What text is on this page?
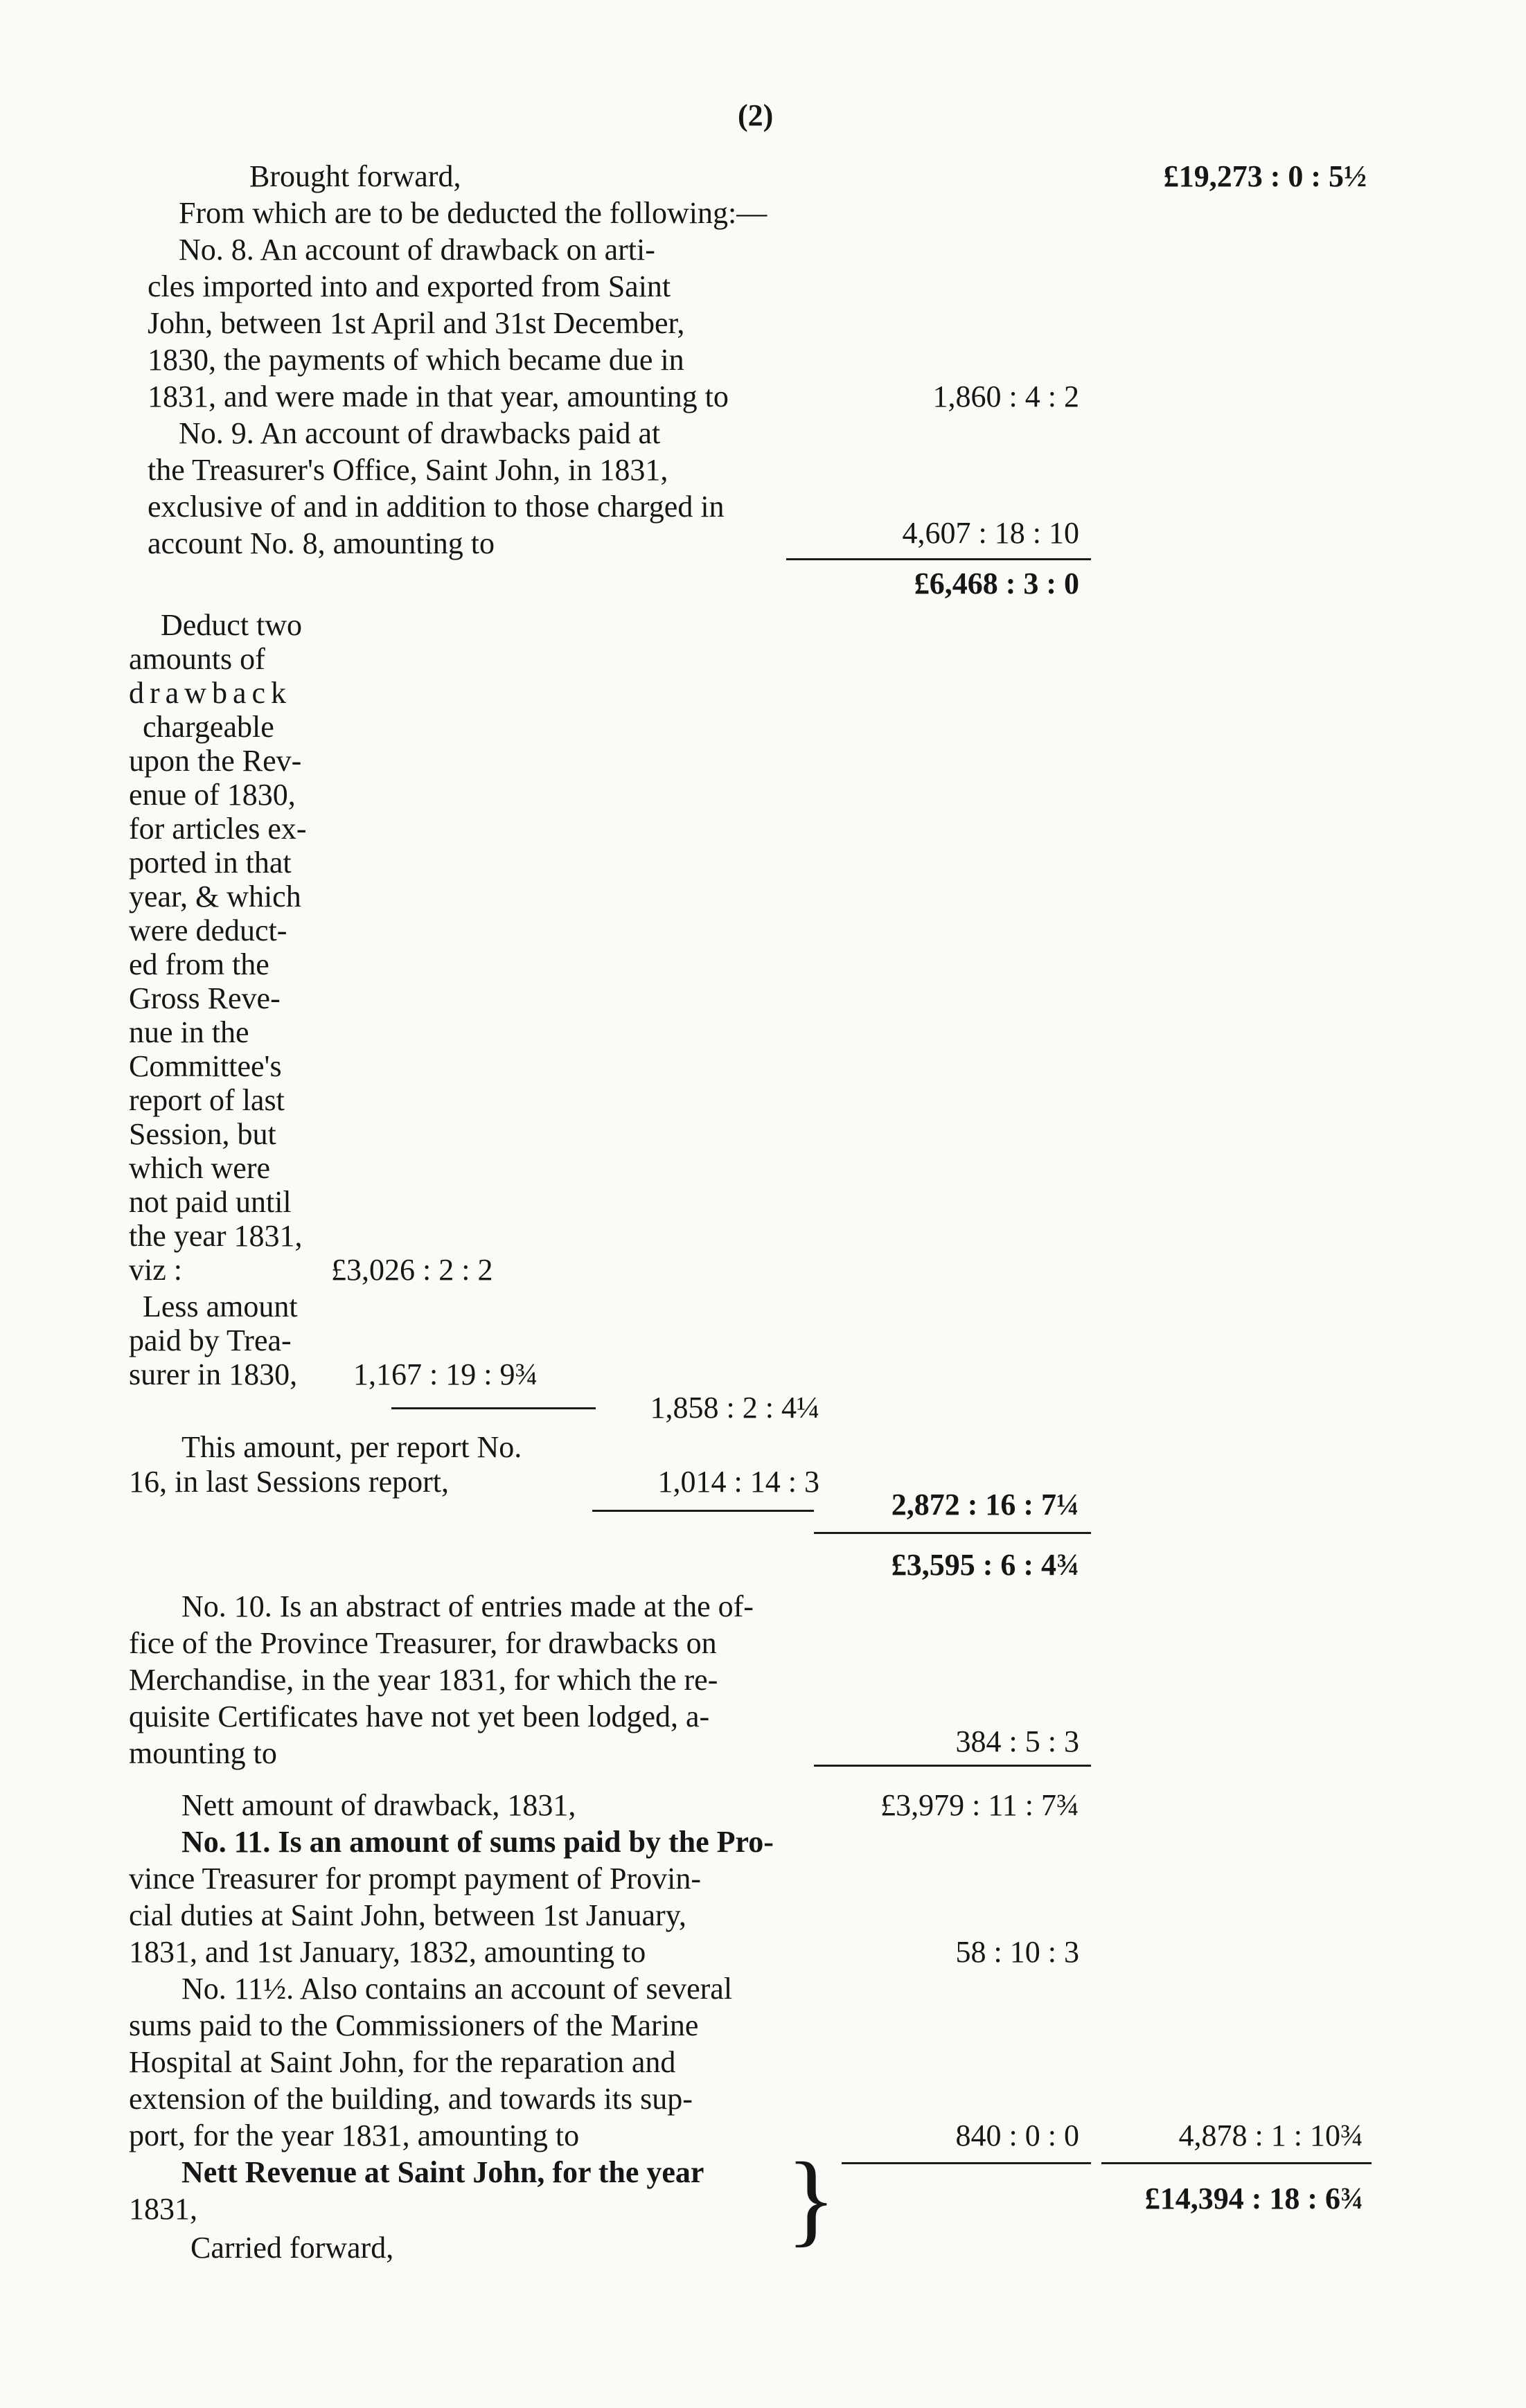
(2)
Brought forward,	£19,273 : 0 : 5½
From which are to be deducted the following:—
No. 8. An account of drawback on arti-
cles imported into and exported from Saint
John, between 1st April and 31st December,
1830, the payments of which became due in
1831, and were made in that year, amounting to	1,860 : 4 : 2
No. 9. An account of drawbacks paid at
the Treasurer's Office, Saint John, in 1831,
exclusive of and in addition to those charged in
account No. 8, amounting to	4,607 : 18 : 10
£6,468 : 3 : 0
Deduct two
amounts of
drawback
chargeable
upon the Rev-
enue of 1830,
for articles ex-
ported in that
year, & which
were deduct-
ed from the
Gross Reve-
nue in the
Committee's
report of last
Session, but
which were
not paid until
the year 1831,
viz :	£3,026 : 2 : 2
Less amount
paid by Trea-
surer in 1830, 1,167 : 19 : 9¾
1,858 : 2 : 4¼
This amount, per report No.
16, in last Sessions report,	1,014 : 14 : 3
2,872 : 16 : 7¼
£3,595 : 6 : 4¾
No. 10. Is an abstract of entries made at the of-
fice of the Province Treasurer, for drawbacks on
Merchandise, in the year 1831, for which the re-
quisite Certificates have not yet been lodged, a-
mounting to	384 : 5 : 3
Nett amount of drawback, 1831,	£3,979 : 11 : 7¾
No. 11. Is an amount of sums paid by the Pro-
vince Treasurer for prompt payment of Provin-
cial duties at Saint John, between 1st January,
1831, and 1st January, 1832, amounting to	58 : 10 : 3
No. 11½. Also contains an account of several
sums paid to the Commissioners of the Marine
Hospital at Saint John, for the reparation and
extension of the building, and towards its sup-
port, for the year 1831, amounting to	840 : 0 : 0	4,878 : 1 : 10¾
Nett Revenue at Saint John, for the year
1831,
Carried forward,	}	£14,394 : 18 : 6¾
